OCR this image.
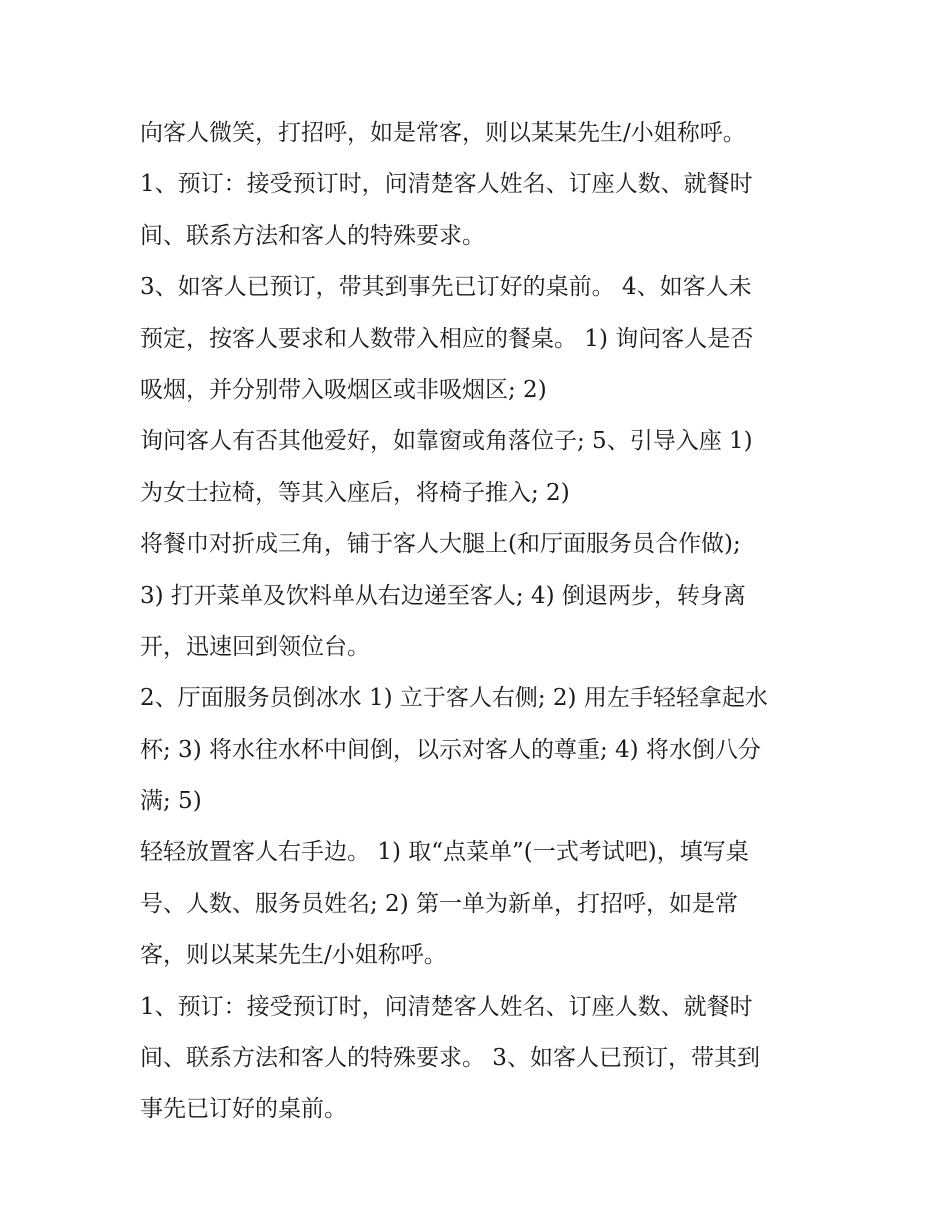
向客人微笑，打招呼，如是常客，则以某某先生/小姐称呼。
1、预订：接受预订时，问清楚客人姓名、订座人数、就餐时
间、联系方法和客人的特殊要求。
3、如客人已预订，带其到事先已订好的桌前。 4、如客人未
预定，按客人要求和人数带入相应的餐桌。 1) 询问客人是否
吸烟，并分别带入吸烟区或非吸烟区; 2)
询问客人有否其他爱好，如靠窗或角落位子; 5、引导入座 1)
为女士拉椅，等其入座后，将椅子推入; 2)
将餐巾对折成三角，铺于客人大腿上(和厅面服务员合作做);
3) 打开菜单及饮料单从右边递至客人; 4) 倒退两步，转身离
开，迅速回到领位台。
2、厅面服务员倒冰水 1) 立于客人右侧; 2) 用左手轻轻拿起水
杯; 3) 将水往水杯中间倒，以示对客人的尊重; 4) 将水倒八分
满; 5)
轻轻放置客人右手边。 1) 取“点菜单”(一式考试吧)，填写桌
号、人数、服务员姓名; 2) 第一单为新单，打招呼，如是常
客，则以某某先生/小姐称呼。
1、预订：接受预订时，问清楚客人姓名、订座人数、就餐时
间、联系方法和客人的特殊要求。 3、如客人已预订，带其到
事先已订好的桌前。
